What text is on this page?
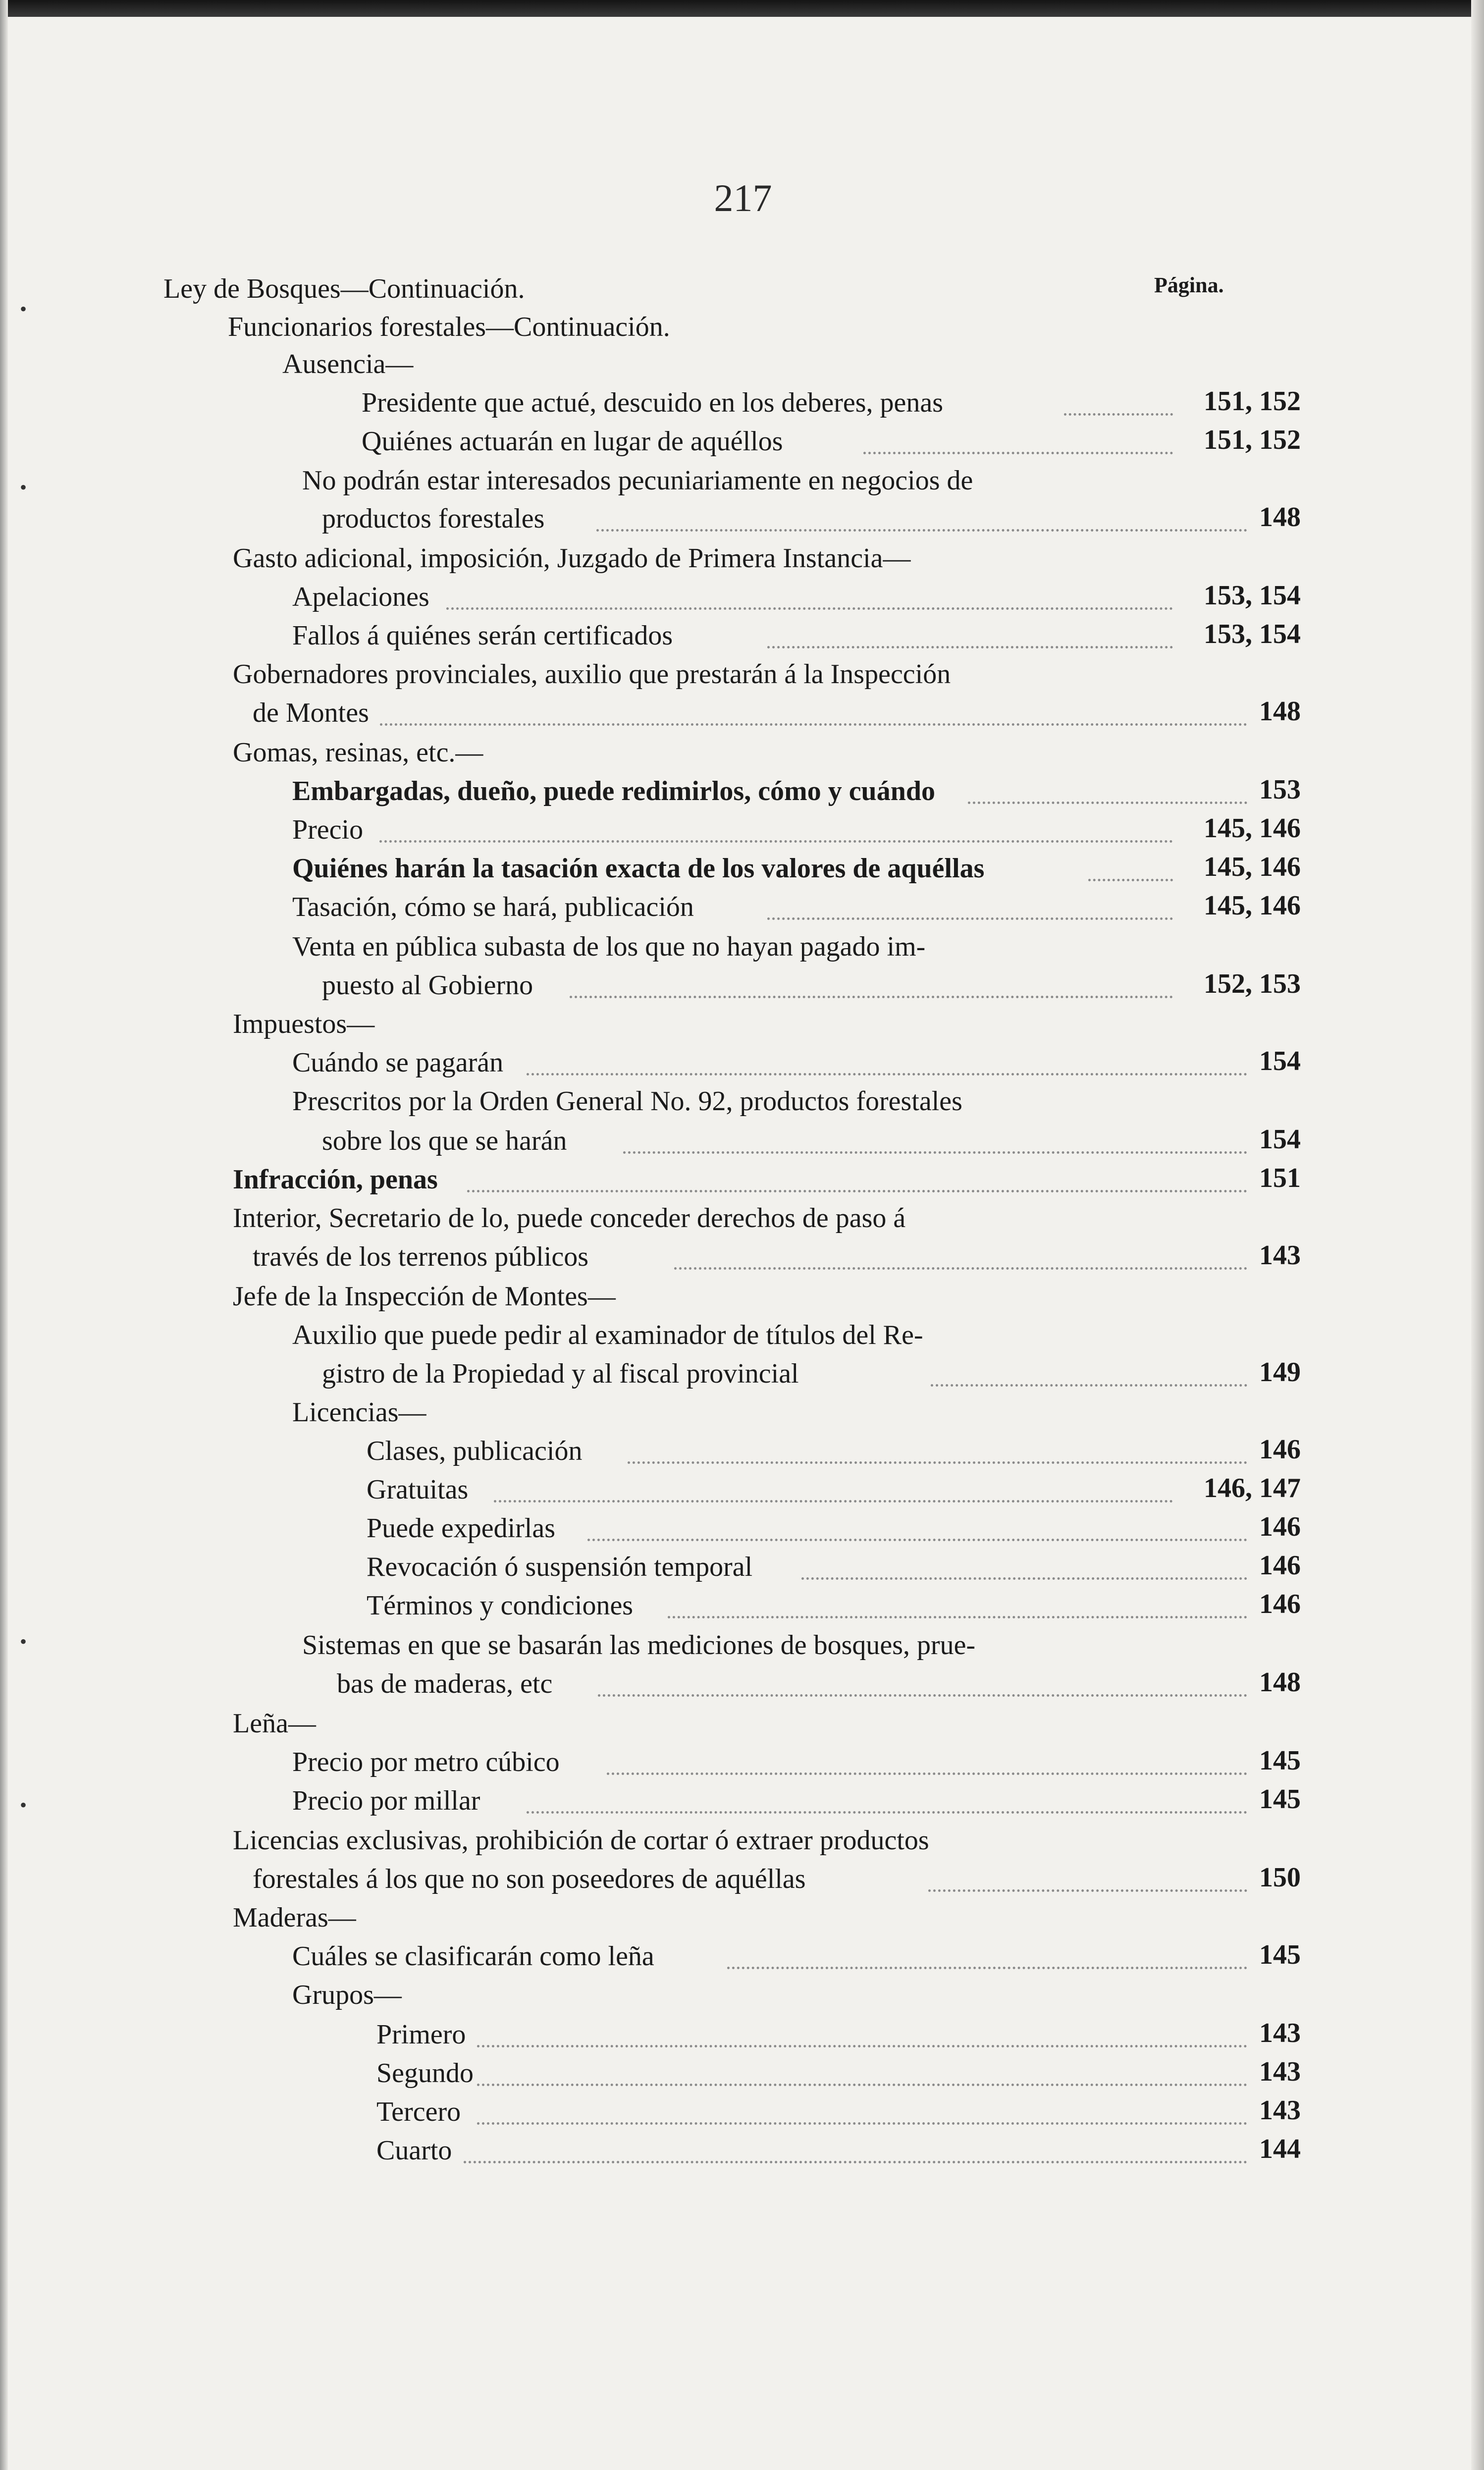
217
Página.
Ley de Bosques—Continuación.
Funcionarios forestales—Continuación.
Ausencia—
Presidente que actué, descuido en los deberes, penas	151, 152
Quiénes actuarán en lugar de aquéllos	151, 152
No podrán estar interesados pecuniariamente en negocios de
productos forestales	148
Gasto adicional, imposición, Juzgado de Primera Instancia—
Apelaciones	153, 154
Fallos á quiénes serán certificados	153, 154
Gobernadores provinciales, auxilio que prestarán á la Inspección
de Montes	148
Gomas, resinas, etc.—
Embargadas, dueño, puede redimirlos, cómo y cuándo	153
Precio	145, 146
Quiénes harán la tasación exacta de los valores de aquéllas	145, 146
Tasación, cómo se hará, publicación	145, 146
Venta en pública subasta de los que no hayan pagado im-
puesto al Gobierno	152, 153
Impuestos—
Cuándo se pagarán	154
Prescritos por la Orden General No. 92, productos forestales
sobre los que se harán	154
Infracción, penas	151
Interior, Secretario de lo, puede conceder derechos de paso á
través de los terrenos públicos	143
Jefe de la Inspección de Montes—
Auxilio que puede pedir al examinador de títulos del Re-
gistro de la Propiedad y al fiscal provincial	149
Licencias—
Clases, publicación	146
Gratuitas	146, 147
Puede expedirlas	146
Revocación ó suspensión temporal	146
Términos y condiciones	146
Sistemas en que se basarán las mediciones de bosques, prue-
bas de maderas, etc	148
Leña—
Precio por metro cúbico	145
Precio por millar	145
Licencias exclusivas, prohibición de cortar ó extraer productos
forestales á los que no son poseedores de aquéllas	150
Maderas—
Cuáles se clasificarán como leña	145
Grupos—
Primero	143
Segundo	143
Tercero	143
Cuarto	144
•
•
•
•
